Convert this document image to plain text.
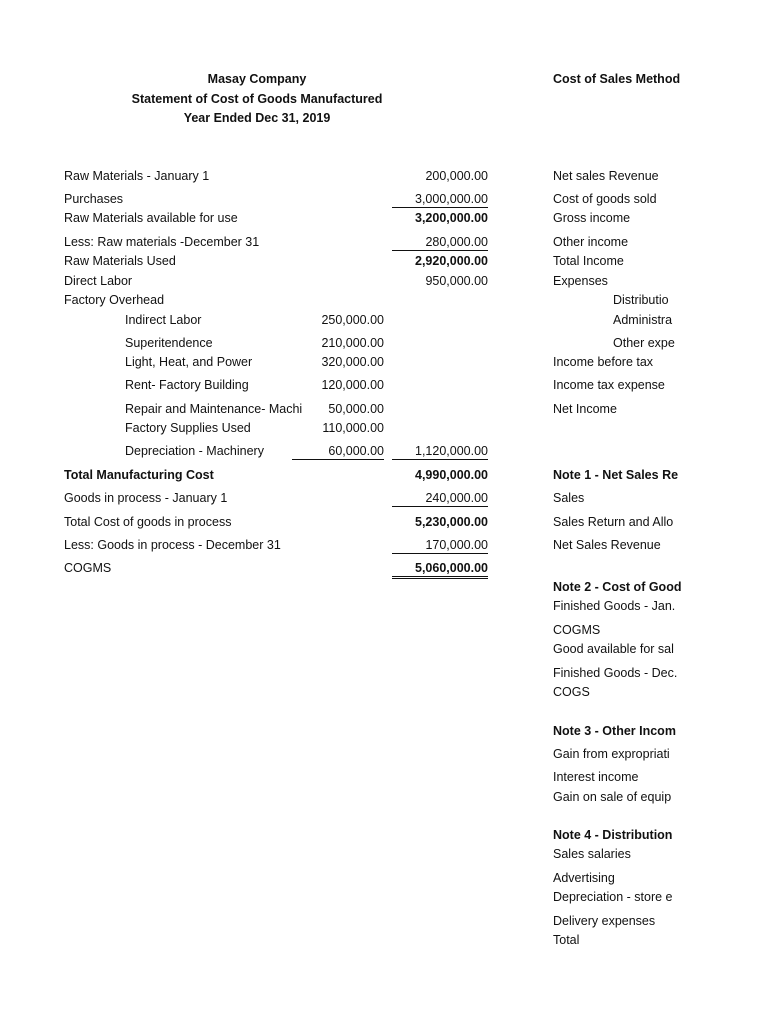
Masay Company
Statement of Cost of Goods Manufactured
Year Ended Dec 31, 2019
Cost of Sales Method
Raw Materials - January 1	200,000.00
Purchases	3,000,000.00
Raw Materials available for use	3,200,000.00
Less: Raw materials -December 31	280,000.00
Raw Materials Used	2,920,000.00
Direct Labor	950,000.00
Factory Overhead
Indirect Labor	250,000.00
Superitendence	210,000.00
Light, Heat, and Power	320,000.00
Rent- Factory Building	120,000.00
Repair and Maintenance- Machi	50,000.00
Factory Supplies Used	110,000.00
Depreciation - Machinery	60,000.00	1,120,000.00
Total Manufacturing Cost	4,990,000.00
Goods in process - January 1	240,000.00
Total Cost of goods in process	5,230,000.00
Less: Goods in process - December 31	170,000.00
COGMS	5,060,000.00
Net sales Revenue
Cost of goods sold
Gross income
Other income
Total Income
Expenses
Distributio
Administra
Other expe
Income before tax
Income tax expense
Net Income
Note 1 - Net Sales Re
Sales
Sales Return and Allo
Net Sales Revenue
Note 2 - Cost of Good
Finished Goods - Jan.
COGMS
Good available for sal
Finished Goods - Dec.
COGS
Note 3 - Other Incom
Gain from expropriati
Interest income
Gain on sale of equip
Note 4 - Distribution
Sales salaries
Advertising
Depreciation - store e
Delivery expenses
Total
